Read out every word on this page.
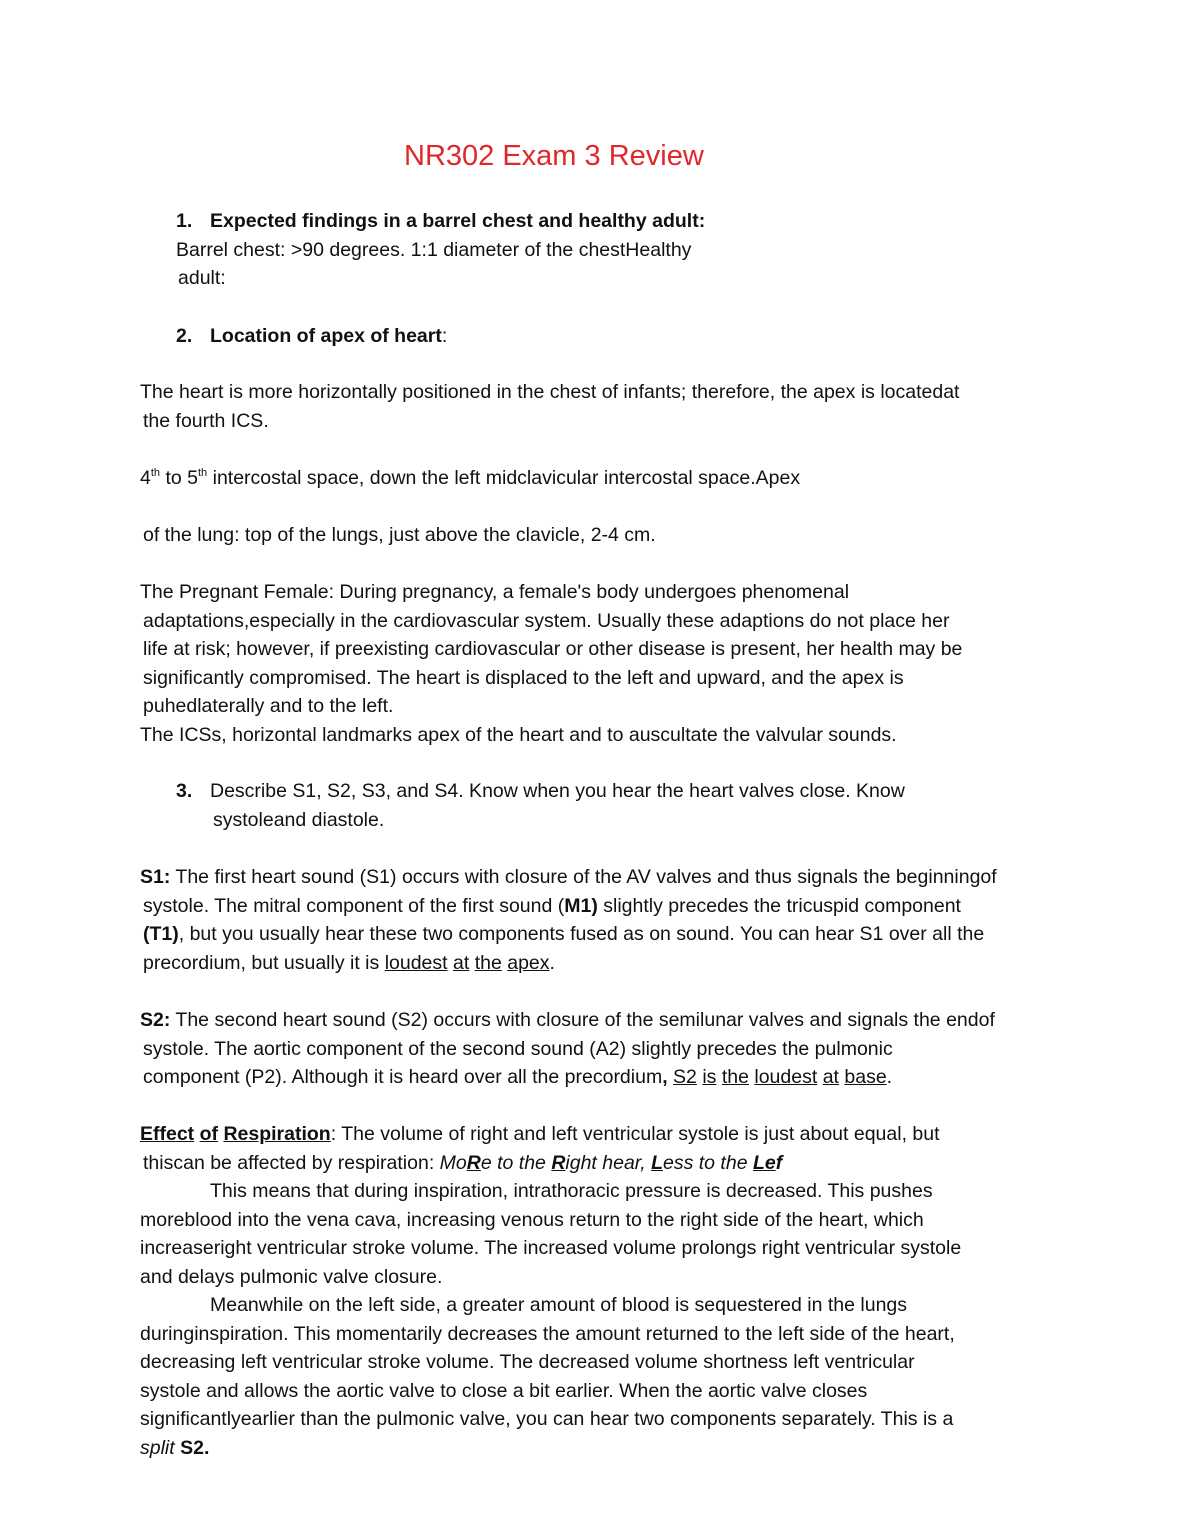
NR302 Exam 3 Review
1. Expected findings in a barrel chest and healthy adult:
Barrel chest: >90 degrees. 1:1 diameter of the chestHealthy
adult:
2. Location of apex of heart:
The heart is more horizontally positioned in the chest of infants; therefore, the apex is locatedat
the fourth ICS.
4th to 5th intercostal space, down the left midclavicular intercostal space.Apex
of the lung: top of the lungs, just above the clavicle, 2-4 cm.
The Pregnant Female: During pregnancy, a female's body undergoes phenomenal
adaptations,especially in the cardiovascular system. Usually these adaptions do not place her
life at risk; however, if preexisting cardiovascular or other disease is present, her health may be
significantly compromised. The heart is displaced to the left and upward, and the apex is
puhedlaterally and to the left.
The ICSs, horizontal landmarks apex of the heart and to auscultate the valvular sounds.
3. Describe S1, S2, S3, and S4. Know when you hear the heart valves close. Know
systoleand diastole.
S1: The first heart sound (S1) occurs with closure of the AV valves and thus signals the beginningof
systole. The mitral component of the first sound (M1) slightly precedes the tricuspid component
(T1), but you usually hear these two components fused as on sound. You can hear S1 over all the
precordium, but usually it is loudest at the apex.
S2: The second heart sound (S2) occurs with closure of the semilunar valves and signals the endof
systole. The aortic component of the second sound (A2) slightly precedes the pulmonic
component (P2). Although it is heard over all the precordium, S2 is the loudest at base.
Effect of Respiration: The volume of right and left ventricular systole is just about equal, but
thiscan be affected by respiration: MoRe to the Right hear, Less to the Lef
This means that during inspiration, intrathoracic pressure is decreased. This pushes
moreblood into the vena cava, increasing venous return to the right side of the heart, which
increaseright ventricular stroke volume. The increased volume prolongs right ventricular systole
and delays pulmonic valve closure.
Meanwhile on the left side, a greater amount of blood is sequestered in the lungs
duringinspiration. This momentarily decreases the amount returned to the left side of the heart,
decreasing left ventricular stroke volume. The decreased volume shortness left ventricular
systole and allows the aortic valve to close a bit earlier. When the aortic valve closes
significantlyearlier than the pulmonic valve, you can hear two components separately. This is a
split S2.
